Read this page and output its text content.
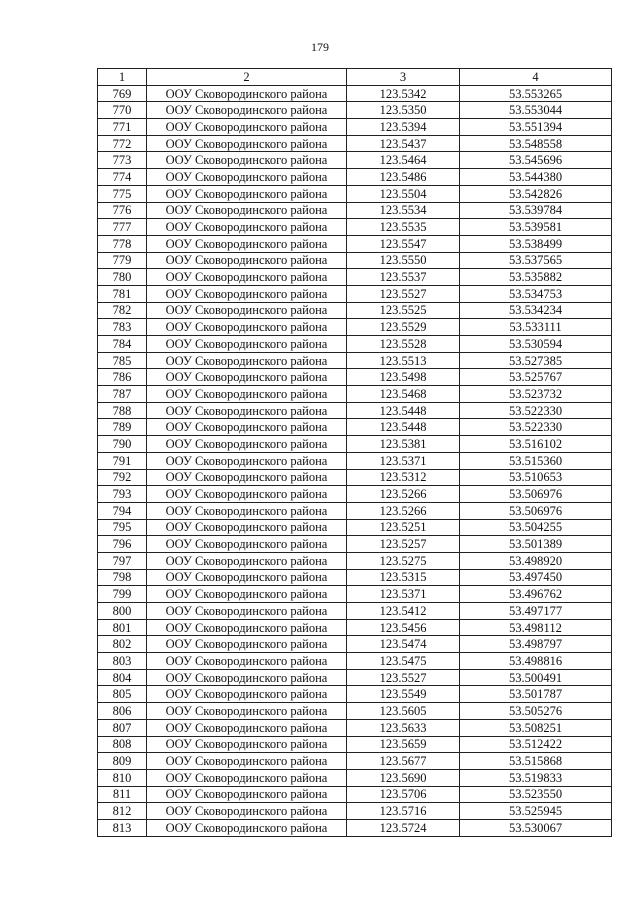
179
1	2	3	4
769	ООУ Сковородинского района	123.5342	53.553265
770	ООУ Сковородинского района	123.5350	53.553044
771	ООУ Сковородинского района	123.5394	53.551394
772	ООУ Сковородинского района	123.5437	53.548558
773	ООУ Сковородинского района	123.5464	53.545696
774	ООУ Сковородинского района	123.5486	53.544380
775	ООУ Сковородинского района	123.5504	53.542826
776	ООУ Сковородинского района	123.5534	53.539784
777	ООУ Сковородинского района	123.5535	53.539581
778	ООУ Сковородинского района	123.5547	53.538499
779	ООУ Сковородинского района	123.5550	53.537565
780	ООУ Сковородинского района	123.5537	53.535882
781	ООУ Сковородинского района	123.5527	53.534753
782	ООУ Сковородинского района	123.5525	53.534234
783	ООУ Сковородинского района	123.5529	53.533111
784	ООУ Сковородинского района	123.5528	53.530594
785	ООУ Сковородинского района	123.5513	53.527385
786	ООУ Сковородинского района	123.5498	53.525767
787	ООУ Сковородинского района	123.5468	53.523732
788	ООУ Сковородинского района	123.5448	53.522330
789	ООУ Сковородинского района	123.5448	53.522330
790	ООУ Сковородинского района	123.5381	53.516102
791	ООУ Сковородинского района	123.5371	53.515360
792	ООУ Сковородинского района	123.5312	53.510653
793	ООУ Сковородинского района	123.5266	53.506976
794	ООУ Сковородинского района	123.5266	53.506976
795	ООУ Сковородинского района	123.5251	53.504255
796	ООУ Сковородинского района	123.5257	53.501389
797	ООУ Сковородинского района	123.5275	53.498920
798	ООУ Сковородинского района	123.5315	53.497450
799	ООУ Сковородинского района	123.5371	53.496762
800	ООУ Сковородинского района	123.5412	53.497177
801	ООУ Сковородинского района	123.5456	53.498112
802	ООУ Сковородинского района	123.5474	53.498797
803	ООУ Сковородинского района	123.5475	53.498816
804	ООУ Сковородинского района	123.5527	53.500491
805	ООУ Сковородинского района	123.5549	53.501787
806	ООУ Сковородинского района	123.5605	53.505276
807	ООУ Сковородинского района	123.5633	53.508251
808	ООУ Сковородинского района	123.5659	53.512422
809	ООУ Сковородинского района	123.5677	53.515868
810	ООУ Сковородинского района	123.5690	53.519833
811	ООУ Сковородинского района	123.5706	53.523550
812	ООУ Сковородинского района	123.5716	53.525945
813	ООУ Сковородинского района	123.5724	53.530067
